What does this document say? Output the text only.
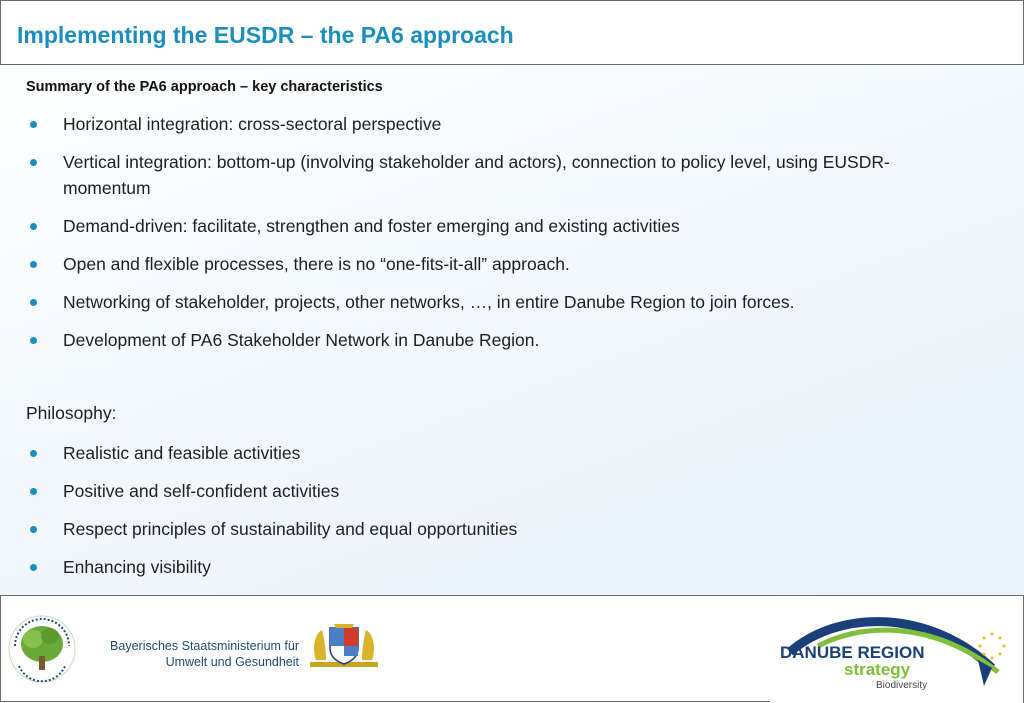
Implementing the EUSDR – the PA6 approach
Summary of the PA6 approach – key characteristics
Horizontal integration: cross-sectoral perspective
Vertical integration: bottom-up (involving stakeholder and actors), connection to policy level, using EUSDR-momentum
Demand-driven: facilitate, strengthen and foster emerging and existing activities
Open and flexible processes, there is no “one-fits-it-all” approach.
Networking of stakeholder, projects, other networks, …, in entire Danube Region to join forces.
Development of PA6 Stakeholder Network in Danube Region.
Philosophy:
Realistic and feasible activities
Positive and self-confident activities
Respect principles of sustainability and equal opportunities
Enhancing visibility
Bayerisches Staatsministerium für
Umwelt und Gesundheit	DANUBE REGION
strategy
Biodiversity
